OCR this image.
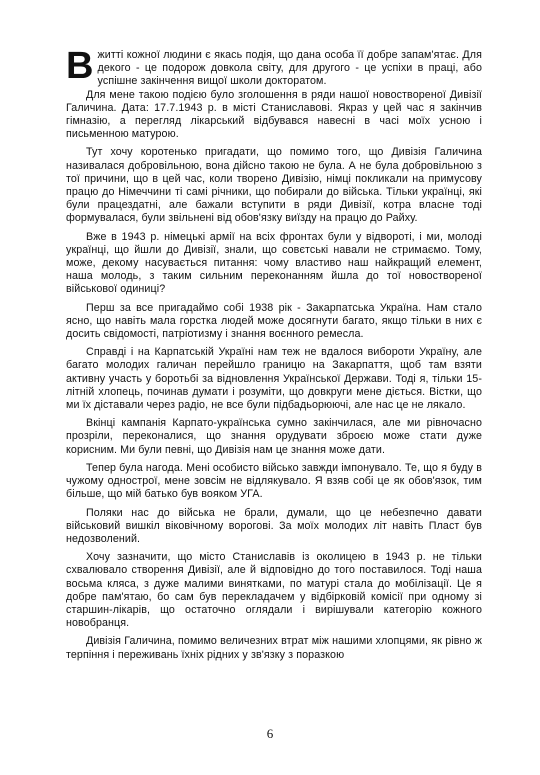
В житті кожної людини є якась подія, що дана особа її добре запам'ятає. Для декого - це подорож довкола світу, для другого - це успіхи в праці, або успішне закінчення вищої школи докторатом.

Для мене такою подією було зголошення в ряди нашої новоствореної Дивізії Галичина. Дата: 17.7.1943 р. в місті Станиславові. Якраз у цей час я закінчив гімназію, а перегляд лікарський відбувався навесні в часі моїх усною і письменною матурою.

Тут хочу коротенько пригадати, що помимо того, що Дивізія Галичина називалася добровільною, вона дійсно такою не була. А не була добровільною з тої причини, що в цей час, коли творено Дивізію, німці покликали на примусову працю до Німеччини ті самі річники, що побирали до війська. Тільки українці, які були працездатні, але бажали вступити в ряди Дивізії, котра власне тоді формувалася, були звільнені від обов'язку виїзду на працю до Райху.

Вже в 1943 р. німецькі армії на всіх фронтах були у відвороті, і ми, молоді українці, що йшли до Дивізії, знали, що совєтські навали не стримаємо. Тому, може, декому насувається питання: чому властиво наш найкращий елемент, наша молодь, з таким сильним переконанням йшла до тої новоствореної військової одиниці?

Перш за все пригадаймо собі 1938 рік - Закарпатська Україна. Нам стало ясно, що навіть мала горстка людей може досягнути багато, якщо тільки в них є досить свідомості, патріотизму і знання воєнного ремесла.

Справді і на Карпатській Україні нам теж не вдалося вибороти Україну, але багато молодих галичан перейшло границю на Закарпаття, щоб там взяти активну участь у боротьбі за відновлення Української Держави. Тоді я, тільки 15-літній хлопець, починав думати і розуміти, що довкруги мене діється. Вістки, що ми їх діставали через радіо, не все були підбадьорюючі, але нас це не лякало.

Вкінці кампанія Карпато-українська сумно закінчилася, але ми рівночасно прозріли, переконалися, що знання орудувати зброєю може стати дуже корисним. Ми були певні, що Дивізія нам це знання може дати.

Тепер була нагода. Мені особисто військо завжди імпонувало. Те, що я буду в чужому однострої, мене зовсім не відлякувало. Я взяв собі це як обов'язок, тим більше, що мій батько був вояком УГА.

Поляки нас до війська не брали, думали, що це небезпечно давати військовий вишкіл віковічному ворогові. За моїх молодих літ навіть Пласт був недозволений.

Хочу зазначити, що місто Станиславів із околицею в 1943 р. не тільки схвалювало створення Дивізії, але й відповідно до того поставилося. Тоді наша восьма кляса, з дуже малими винятками, по матурі стала до мобілізації. Це я добре пам'ятаю, бо сам був перекладачем у відбірковій комісії при одному зі старшин-лікарів, що остаточно оглядали і вирішували категорію кожного новобранця.

Дивізія Галичина, помимо величезних втрат між нашими хлопцями, як рівно ж терпіння і переживань їхніх рідних у зв'язку з поразкою

6
